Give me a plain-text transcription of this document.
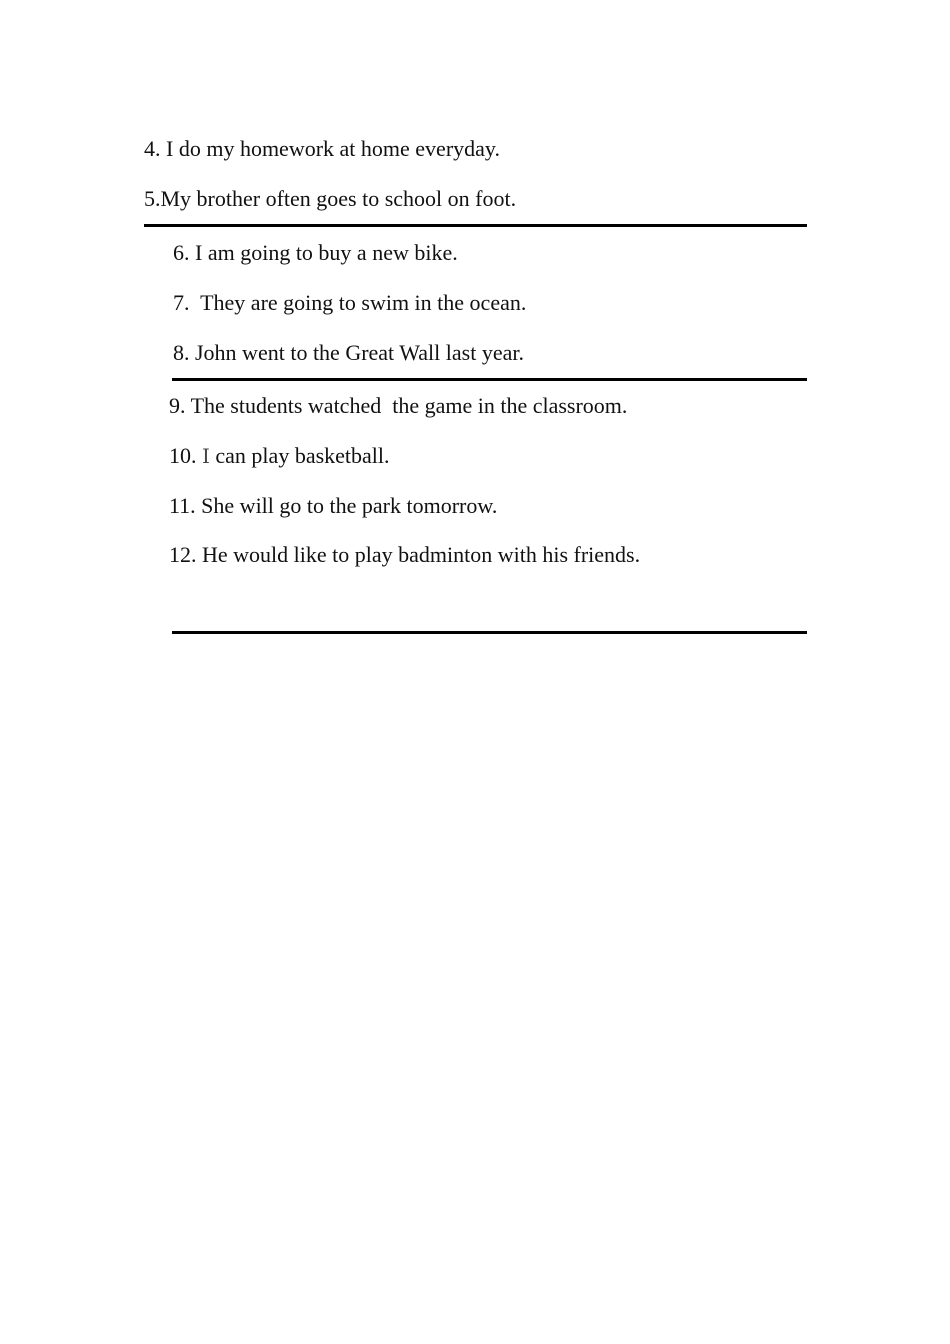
4. I do my homework at home everyday.

5.My brother often goes to school on foot.

6. I am going to buy a new bike.

7.  They are going to swim in the ocean.

8. John went to the Great Wall last year.

9. The students watched  the game in the classroom.

10. Ⅰ can play basketball.

11. She will go to the park tomorrow.

12. He would like to play badminton with his friends.
